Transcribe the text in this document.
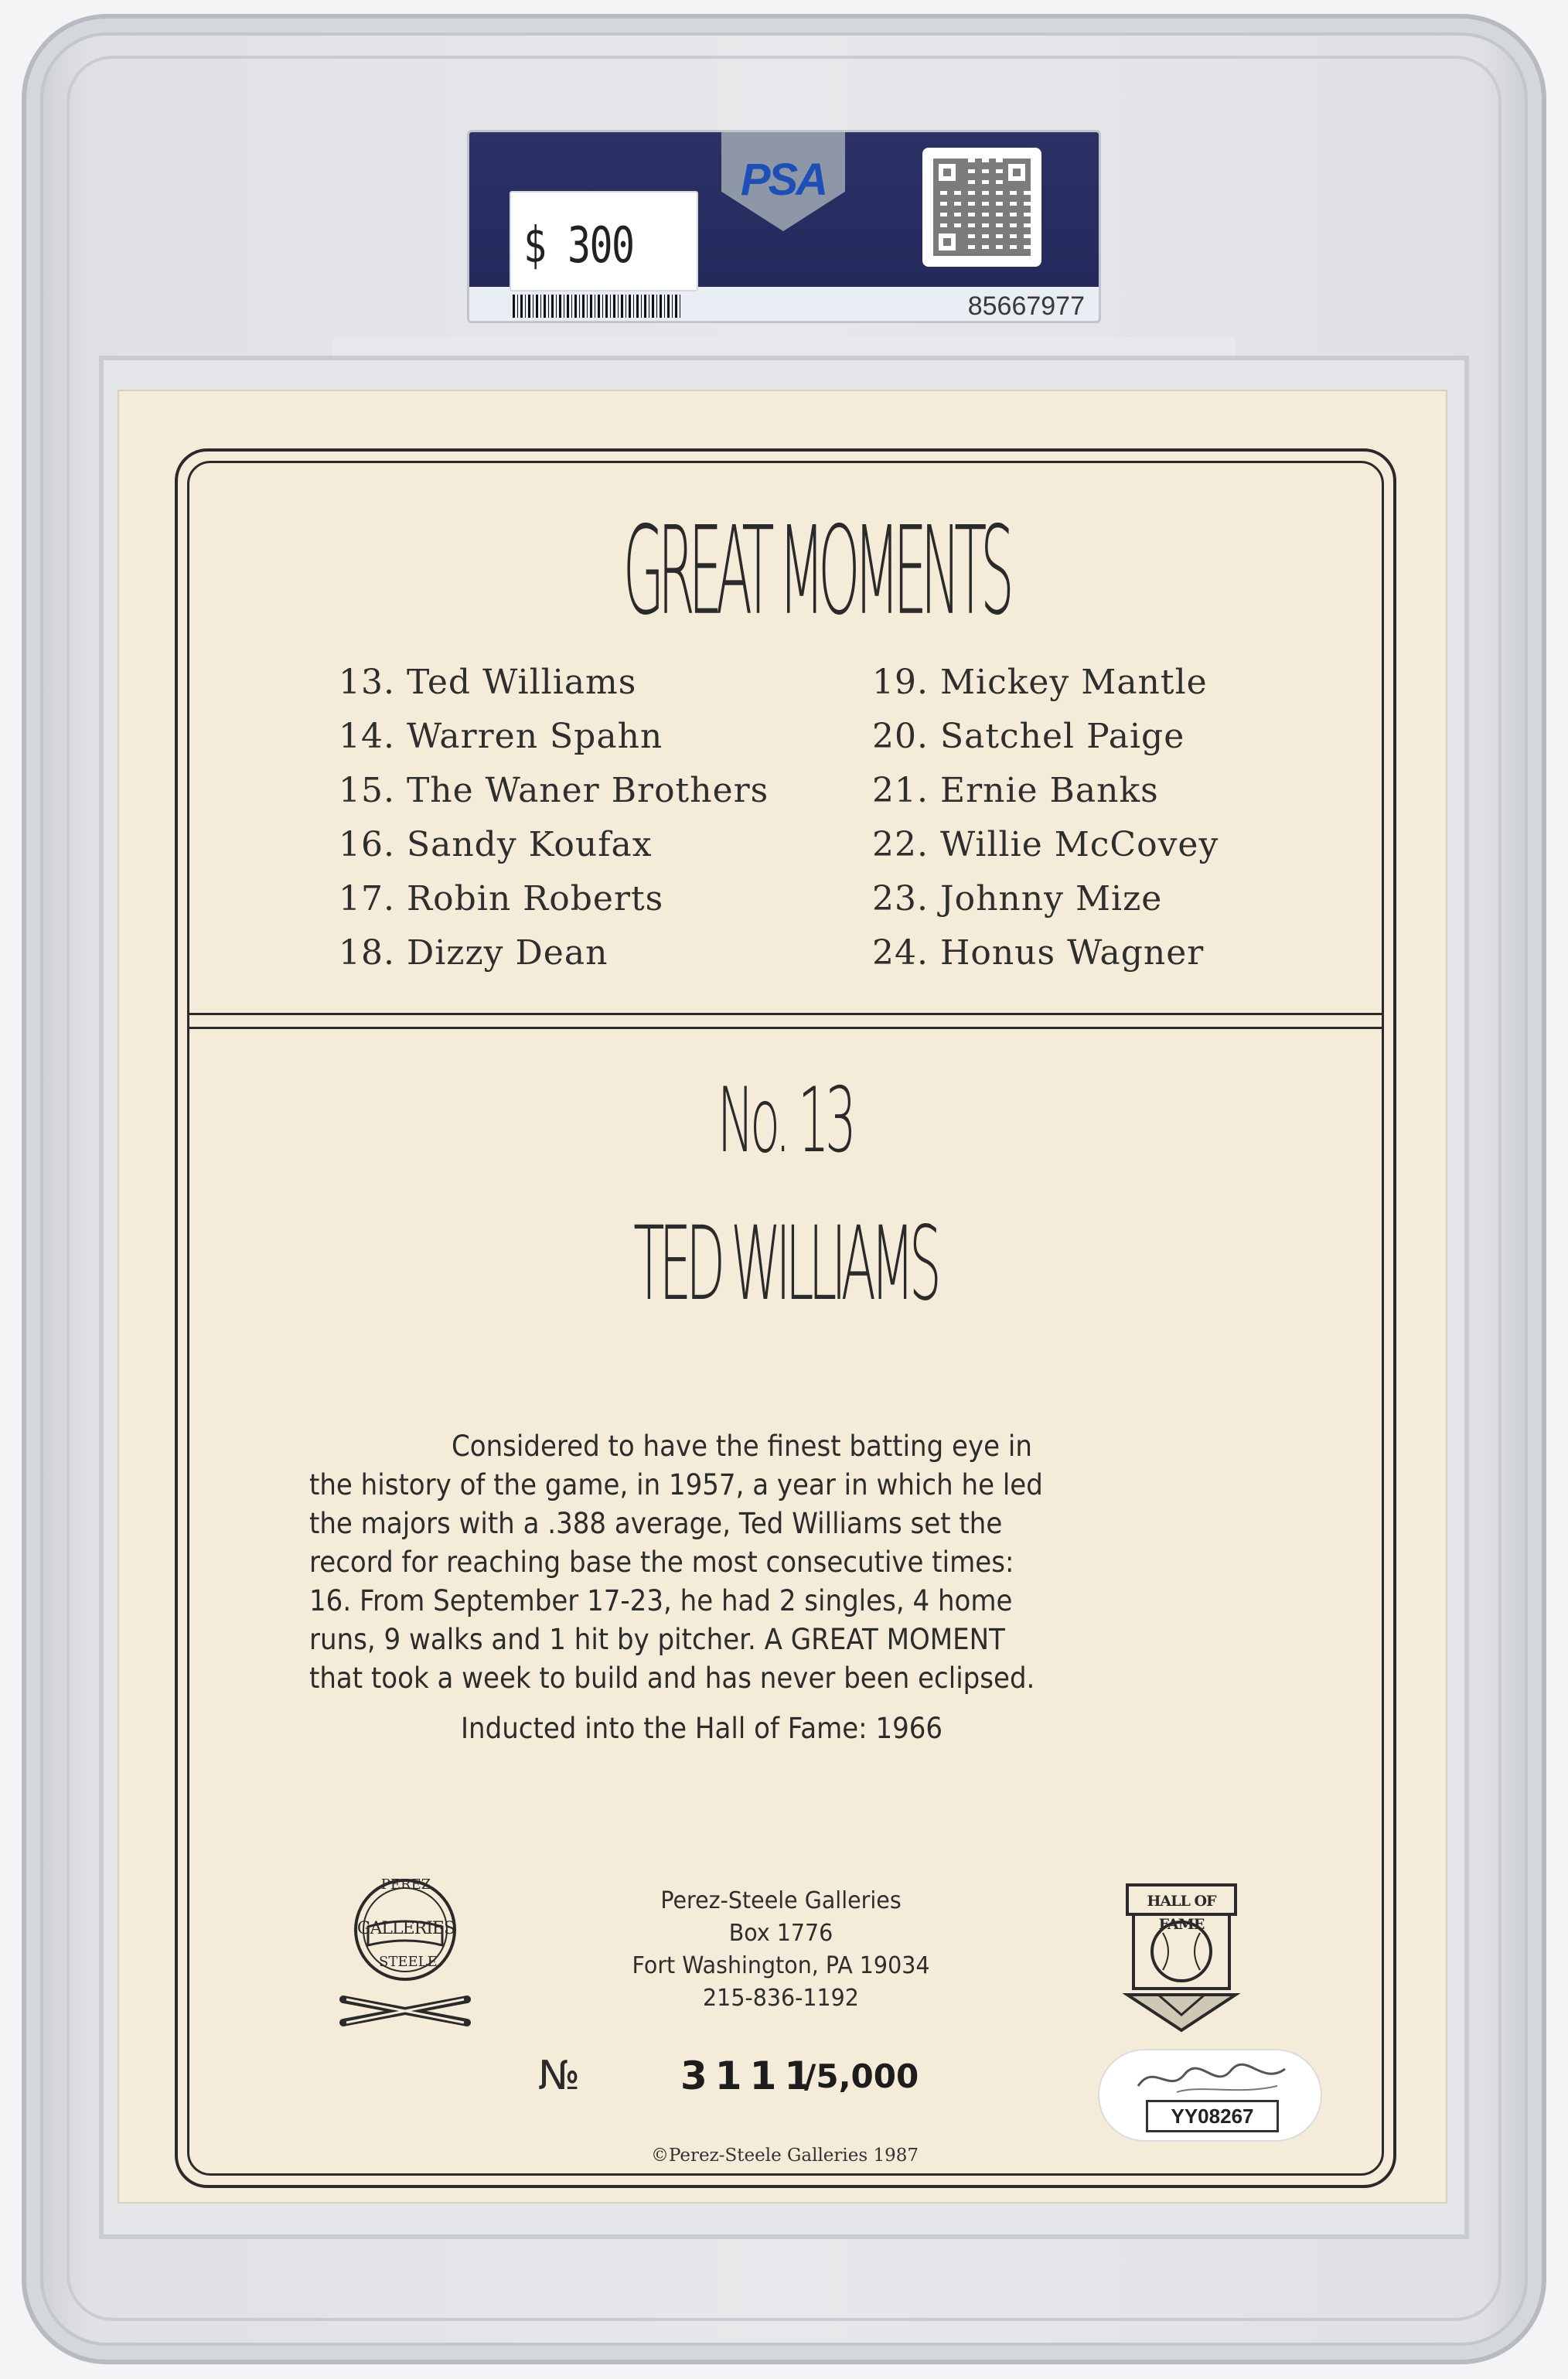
PSA
$ 300
85667977
GREAT MOMENTS
13. Ted Williams
14. Warren Spahn
15. The Waner Brothers
16. Sandy Koufax
17. Robin Roberts
18. Dizzy Dean
19. Mickey Mantle
20. Satchel Paige
21. Ernie Banks
22. Willie McCovey
23. Johnny Mize
24. Honus Wagner
No. 13
TED WILLIAMS
Considered to have the finest batting eye in
the history of the game, in 1957, a year in which he led
the majors with a .388 average, Ted Williams set the
record for reaching base the most consecutive times:
16. From September 17-23, he had 2 singles, 4 home
runs, 9 walks and 1 hit by pitcher. A GREAT MOMENT
that took a week to build and has never been eclipsed.
Inducted into the Hall of Fame: 1966
PEREZ
GALLERIES
STEELE
HALL OF FAME
Perez-Steele Galleries
Box 1776
Fort Washington, PA 19034
215-836-1192
№	3111
/5,000
©Perez-Steele Galleries 1987
YY08267
